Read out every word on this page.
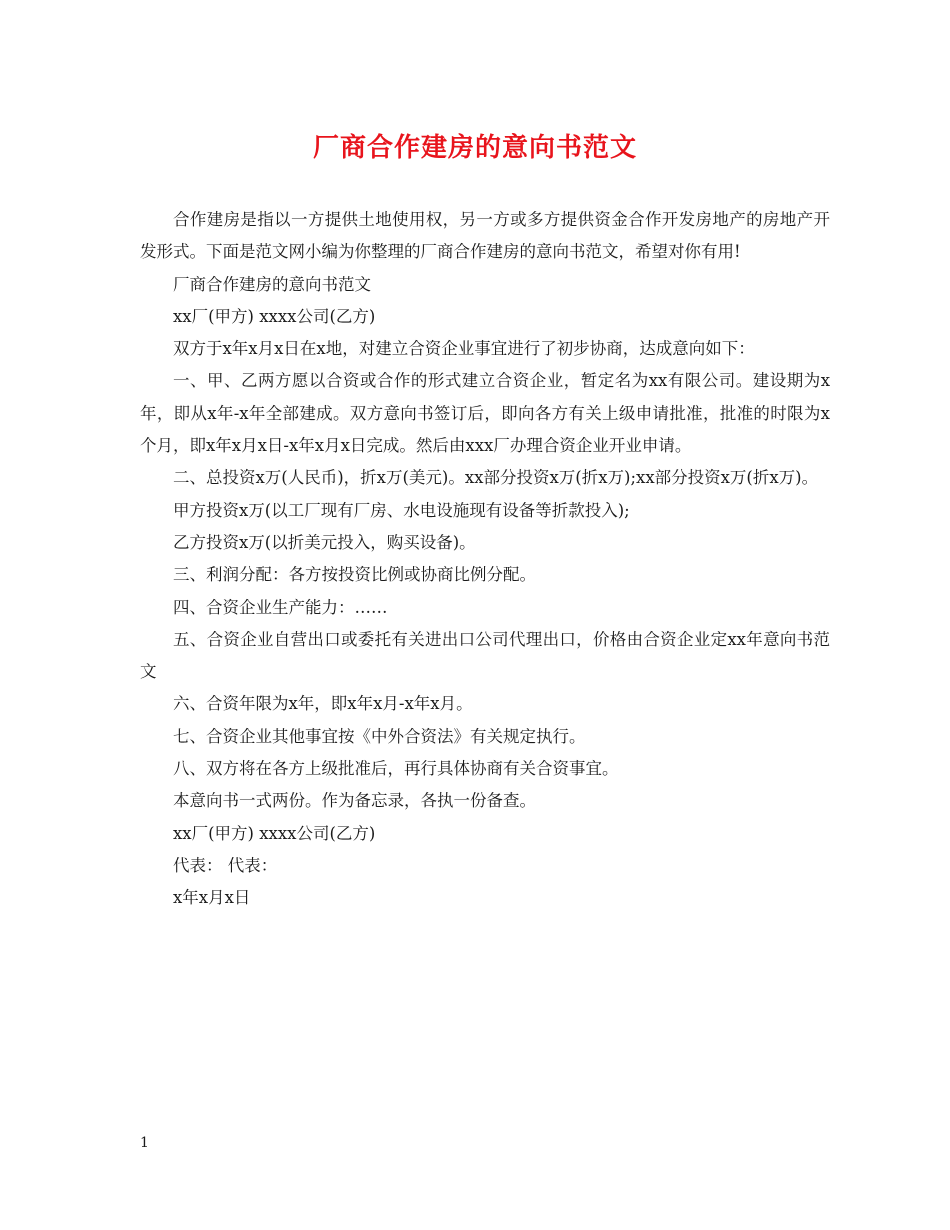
厂商合作建房的意向书范文

合作建房是指以一方提供土地使用权，另一方或多方提供资金合作开发房地产的房地产开发形式。下面是范文网小编为你整理的厂商合作建房的意向书范文，希望对你有用!

厂商合作建房的意向书范文

xx厂(甲方) xxxx公司(乙方)

双方于x年x月x日在x地，对建立合资企业事宜进行了初步协商，达成意向如下：

一、甲、乙两方愿以合资或合作的形式建立合资企业，暂定名为xx有限公司。建设期为x年，即从x年-x年全部建成。双方意向书签订后，即向各方有关上级申请批准，批准的时限为x个月，即x年x月x日-x年x月x日完成。然后由xxx厂办理合资企业开业申请。

二、总投资x万(人民币)，折x万(美元)。xx部分投资x万(折x万);xx部分投资x万(折x万)。

甲方投资x万(以工厂现有厂房、水电设施现有设备等折款投入);

乙方投资x万(以折美元投入，购买设备)。

三、利润分配：各方按投资比例或协商比例分配。

四、合资企业生产能力：……

五、合资企业自营出口或委托有关进出口公司代理出口，价格由合资企业定xx年意向书范文

六、合资年限为x年，即x年x月-x年x月。

七、合资企业其他事宜按《中外合资法》有关规定执行。

八、双方将在各方上级批准后，再行具体协商有关合资事宜。

本意向书一式两份。作为备忘录，各执一份备查。

xx厂(甲方) xxxx公司(乙方)

代表： 代表：

x年x月x日

1
